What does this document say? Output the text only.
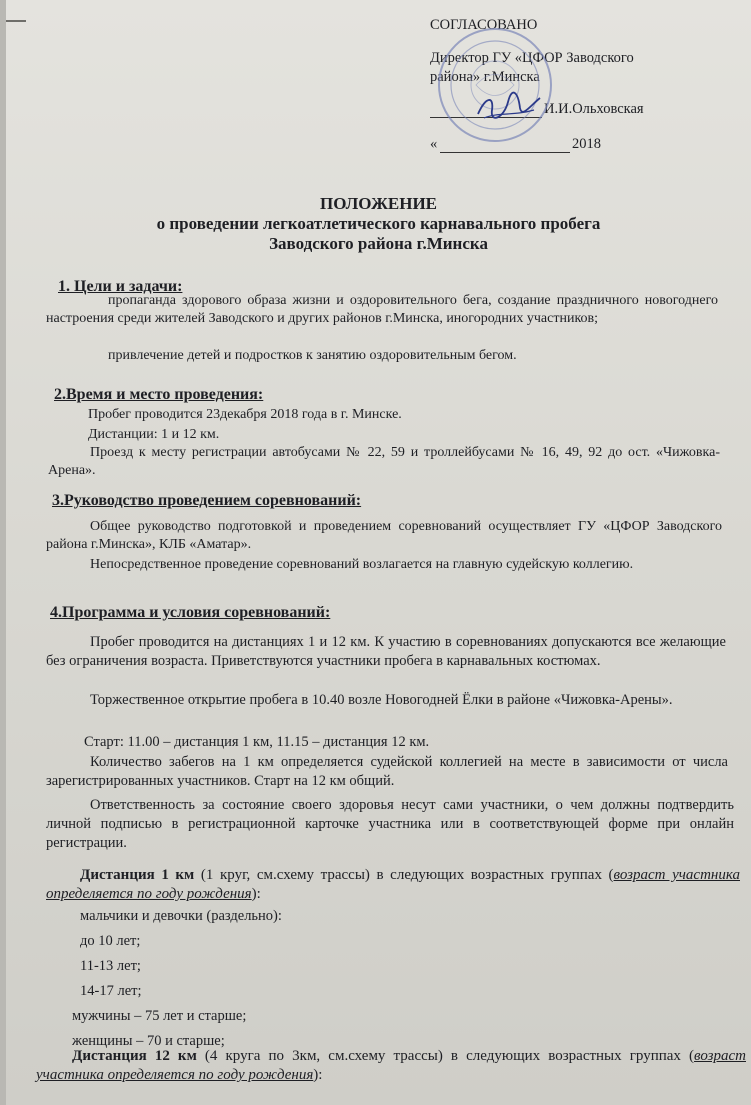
СОГЛАСОВАНО
Директор ГУ «ЦФОР Заводского
района» г.Минска
И.И.Ольховская
«	2018
ПОЛОЖЕНИЕ
о проведении легкоатлетического карнавального пробега
Заводского района г.Минска
1. Цели и задачи:
пропаганда здорового образа жизни и оздоровительного бега, создание праздничного новогоднего настроения среди жителей Заводского и других районов г.Минска, иногородних участников;
привлечение детей и подростков к занятию оздоровительным бегом.
2.Время и место проведения:
Пробег проводится 23декабря 2018 года в г. Минске.
Дистанции: 1 и 12 км.
Проезд к месту регистрации автобусами № 22, 59 и троллейбусами № 16, 49, 92 до ост. «Чижовка-Арена».
3.Руководство проведением соревнований:
Общее руководство подготовкой и проведением соревнований осуществляет ГУ «ЦФОР Заводского района г.Минска», КЛБ «Аматар».
Непосредственное проведение соревнований возлагается на главную судейскую коллегию.
4.Программа и условия соревнований:
Пробег проводится на дистанциях 1 и 12 км. К участию в соревнованиях допускаются все желающие без ограничения возраста. Приветствуются участники пробега в карнавальных костюмах.
Торжественное открытие пробега в 10.40 возле Новогодней Ёлки в районе «Чижовка-Арены».
Старт: 11.00 – дистанция 1 км, 11.15 – дистанция 12 км.
Количество забегов на 1 км определяется судейской коллегией на месте в зависимости от числа зарегистрированных участников. Старт на 12 км общий.
Ответственность за состояние своего здоровья несут сами участники, о чем должны подтвердить личной подписью в регистрационной карточке участника или в соответствующей форме при онлайн регистрации.
Дистанция 1 км (1 круг, см.схему трассы) в следующих возрастных группах (возраст участника определяется по году рождения):
мальчики и девочки (раздельно):
до 10 лет;
11-13 лет;
14-17 лет;
мужчины – 75 лет и старше;
женщины – 70 и старше;
Дистанция 12 км (4 круга по 3км, см.схему трассы) в следующих возрастных группах (возраст участника определяется по году рождения):
